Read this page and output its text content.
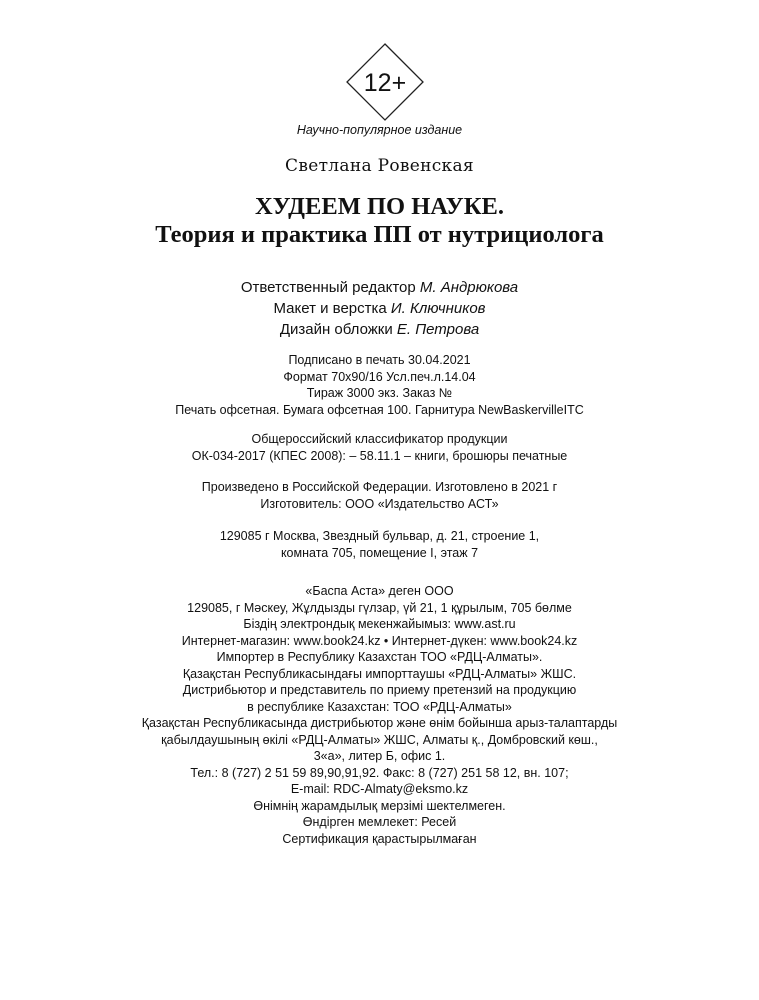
12+
Научно-популярное издание
Светлана Ровенская
ХУДЕЕМ ПО НАУКЕ.
Теория и практика ПП от нутрициолога
Ответственный редактор М. Андрюкова
Макет и верстка И. Ключников
Дизайн обложки Е. Петрова
Подписано в печать 30.04.2021
Формат 70x90/16 Усл.печ.л.14.04
Тираж 3000 экз. Заказ №
Печать офсетная. Бумага офсетная 100. Гарнитура NewBaskervilleITC
Общероссийский классификатор продукции
ОК-034-2017 (КПЕС 2008): – 58.11.1 – книги, брошюры печатные
Произведено в Российской Федерации. Изготовлено в 2021 г
Изготовитель: ООО «Издательство АСТ»
129085 г Москва, Звездный бульвар, д. 21, строение 1,
комната 705, помещение I, этаж 7
«Баспа Аста» деген ООО
129085, г Мәскеу, Жұлдызды гүлзар, үй 21, 1 құрылым, 705 бөлме
Біздің электрондық мекенжайымыз: www.ast.ru
Интернет-магазин: www.book24.kz • Интернет-дүкен: www.book24.kz
Импортер в Республику Казахстан ТОО «РДЦ-Алматы».
Қазақстан Республикасындағы импорттаушы «РДЦ-Алматы» ЖШС.
Дистрибьютор и представитель по приему претензий на продукцию
в республике Казахстан: ТОО «РДЦ-Алматы»
Қазақстан Республикасында дистрибьютор және өнім бойынша арыз-талаптарды
қабылдаушының өкілі «РДЦ-Алматы» ЖШС, Алматы қ., Домбровский көш.,
3«а», литер Б, офис 1.
Тел.: 8 (727) 2 51 59 89,90,91,92. Факс: 8 (727) 251 58 12, вн. 107;
E-mail: RDC-Almaty@eksmo.kz
Өнімнің жарамдылық мерзімі шектелмеген.
Өндірген мемлекет: Ресей
Сертификация қарастырылмаған
